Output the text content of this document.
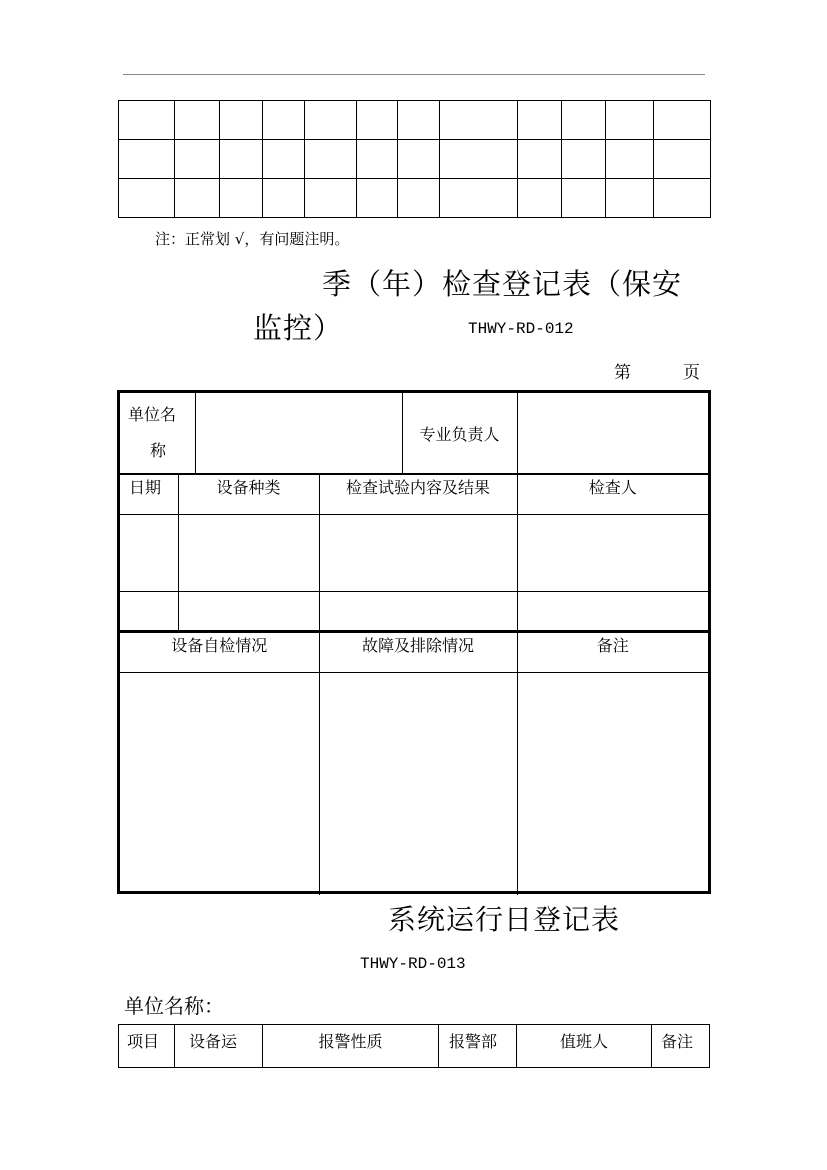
注：正常划 √，有问题注明。
季（年）检查登记表（保安
监控）	THWY-RD-012
第	页
单位名
称
		专业负责人	
日期	设备种类	检查试验内容及结果	检查人

设备自检情况	故障及排除情况	备注

系统运行日登记表
THWY-RD-013
单位名称：
项目	设备运	报警性质	报警部	值班人	备注
